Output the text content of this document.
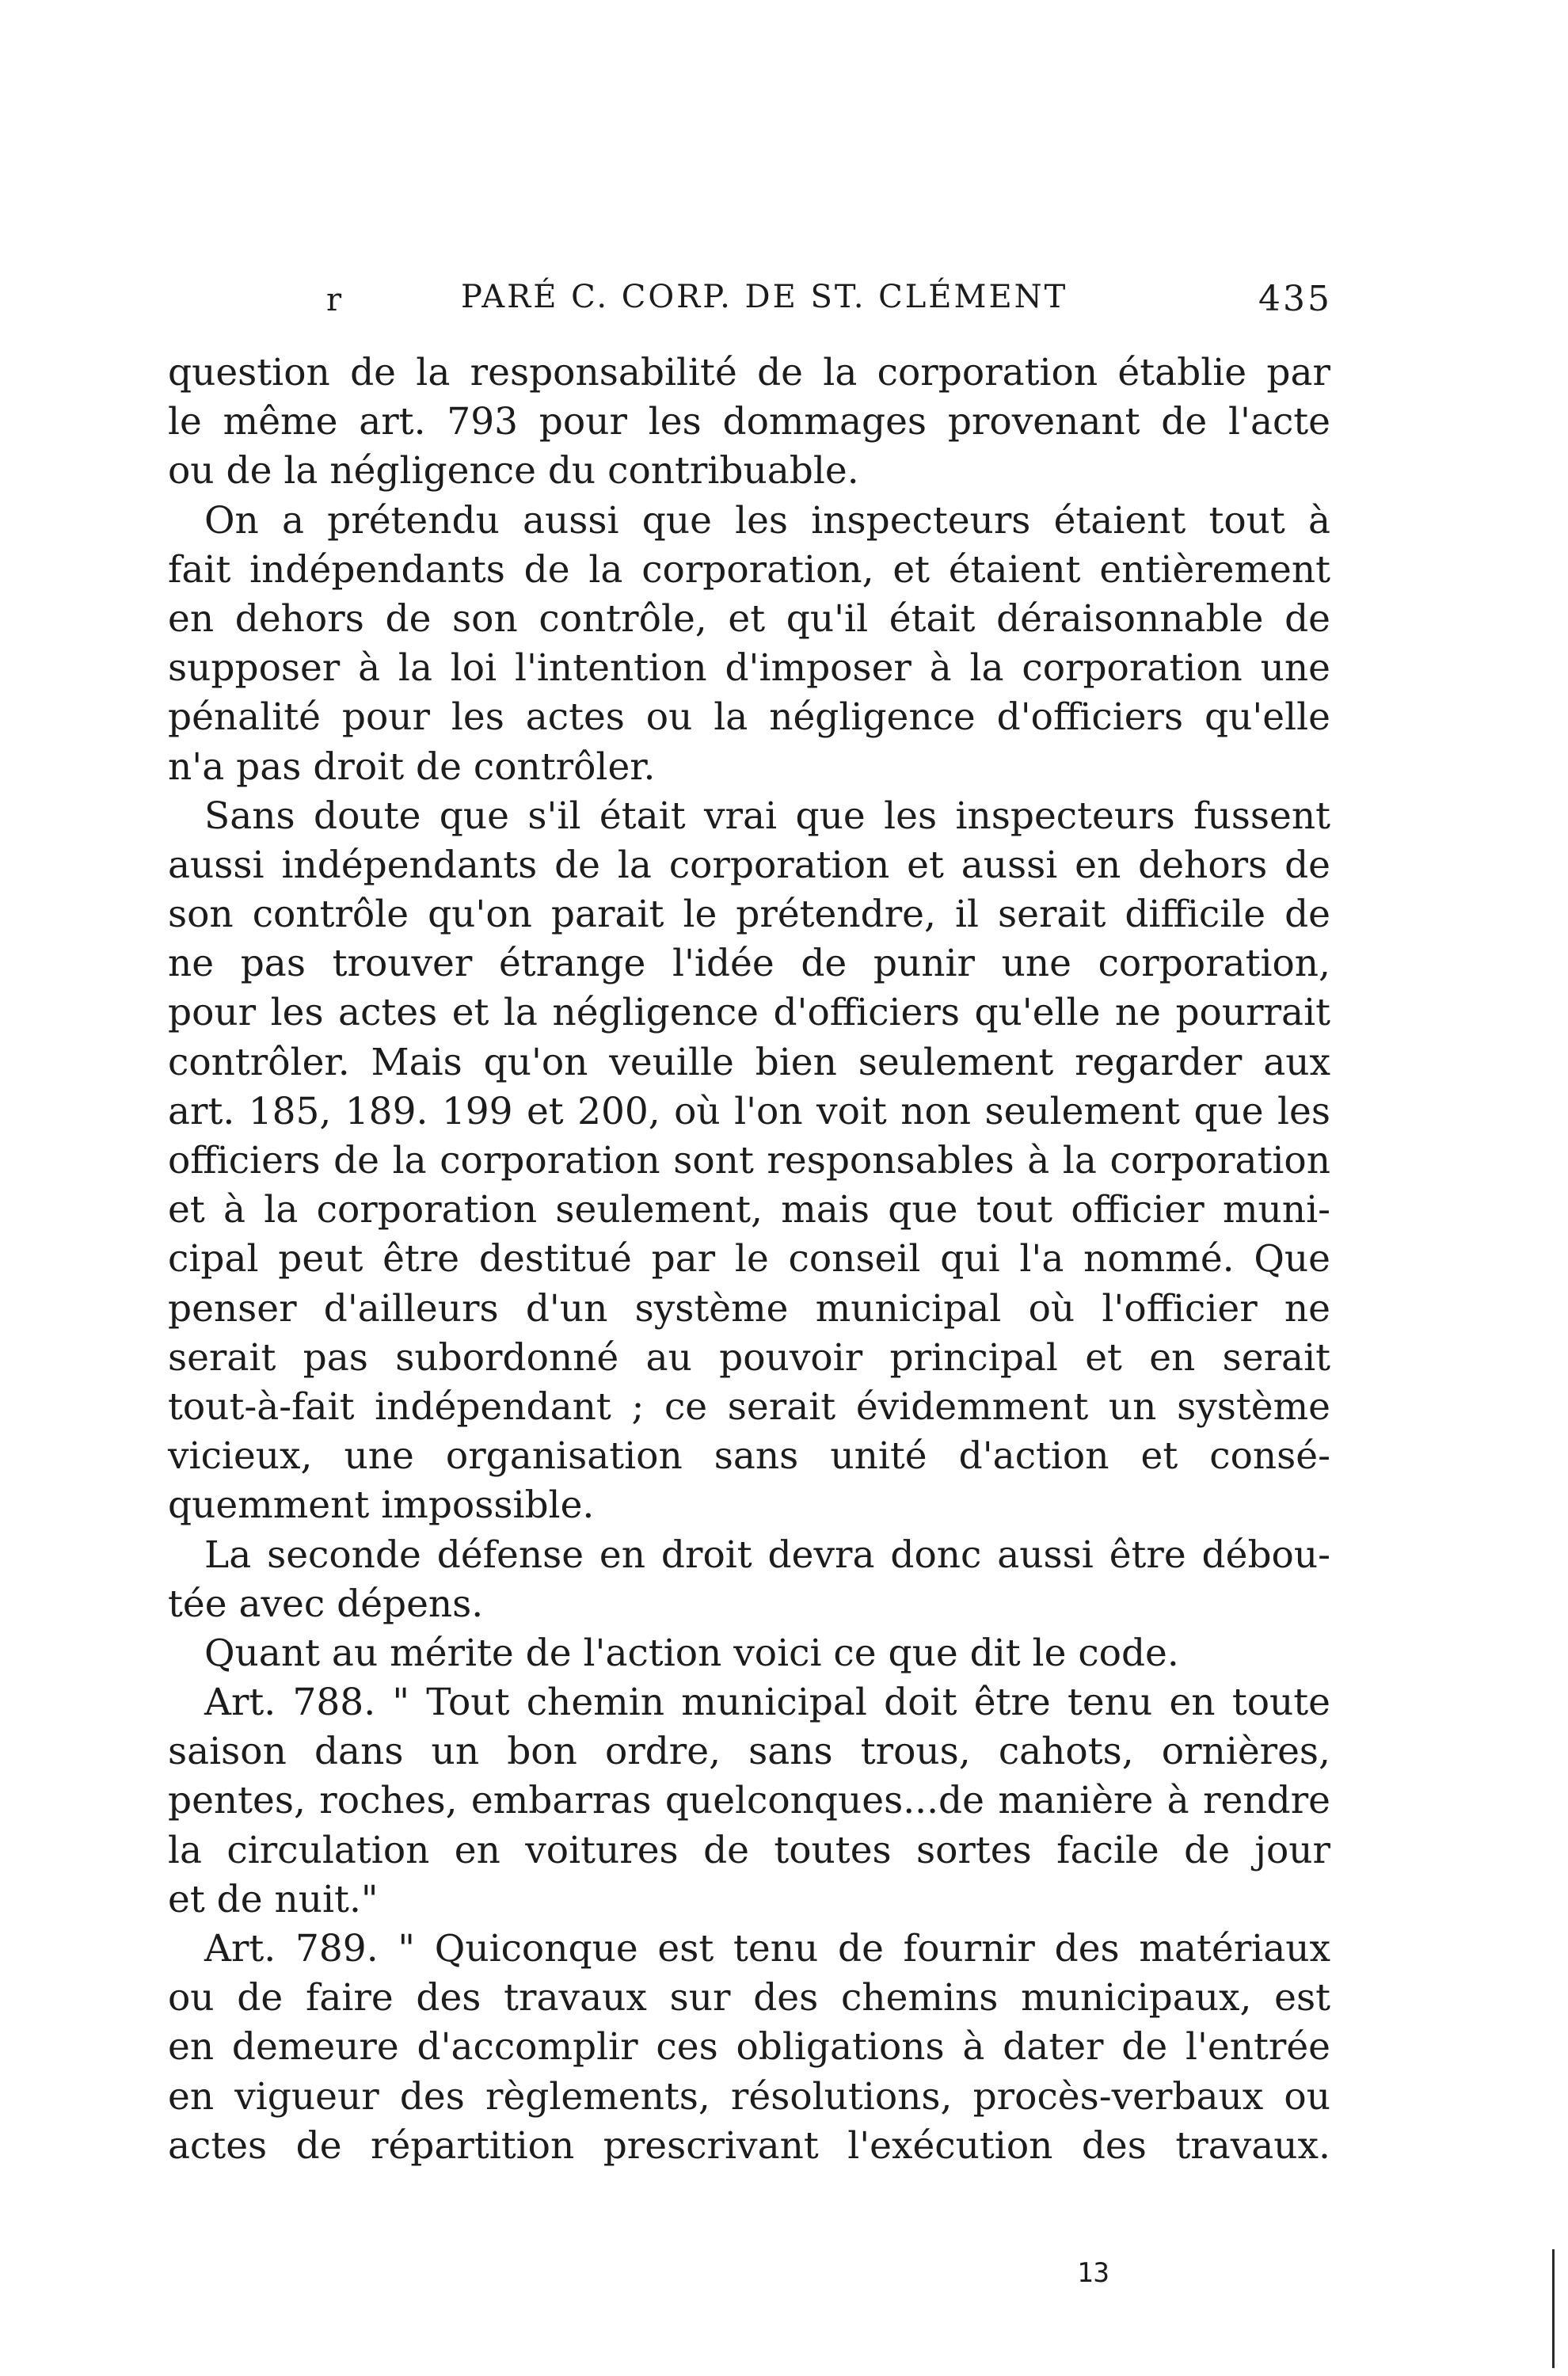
r	PARÉ C. CORP. DE ST. CLÉMENT	435
question de la responsabilité de la corporation établie par
le même art. 793 pour les dommages provenant de l'acte
ou de la négligence du contribuable.
On a prétendu aussi que les inspecteurs étaient tout à
fait indépendants de la corporation, et étaient entièrement
en dehors de son contrôle, et qu'il était déraisonnable de
supposer à la loi l'intention d'imposer à la corporation une
pénalité pour les actes ou la négligence d'officiers qu'elle
n'a pas droit de contrôler.
Sans doute que s'il était vrai que les inspecteurs fussent
aussi indépendants de la corporation et aussi en dehors de
son contrôle qu'on parait le prétendre, il serait difficile de
ne pas trouver étrange l'idée de punir une corporation,
pour les actes et la négligence d'officiers qu'elle ne pourrait
contrôler. Mais qu'on veuille bien seulement regarder aux
art. 185, 189. 199 et 200, où l'on voit non seulement que les
officiers de la corporation sont responsables à la corporation
et à la corporation seulement, mais que tout officier muni-
cipal peut être destitué par le conseil qui l'a nommé. Que
penser d'ailleurs d'un système municipal où l'officier ne
serait pas subordonné au pouvoir principal et en serait
tout-à-fait indépendant ; ce serait évidemment un système
vicieux, une organisation sans unité d'action et consé-
quemment impossible.
La seconde défense en droit devra donc aussi être débou-
tée avec dépens.
Quant au mérite de l'action voici ce que dit le code.
Art. 788. " Tout chemin municipal doit être tenu en toute
saison dans un bon ordre, sans trous, cahots, ornières,
pentes, roches, embarras quelconques...de manière à rendre
la circulation en voitures de toutes sortes facile de jour
et de nuit."
Art. 789. " Quiconque est tenu de fournir des matériaux
ou de faire des travaux sur des chemins municipaux, est
en demeure d'accomplir ces obligations à dater de l'entrée
en vigueur des règlements, résolutions, procès-verbaux ou
actes de répartition prescrivant l'exécution des travaux.
13
